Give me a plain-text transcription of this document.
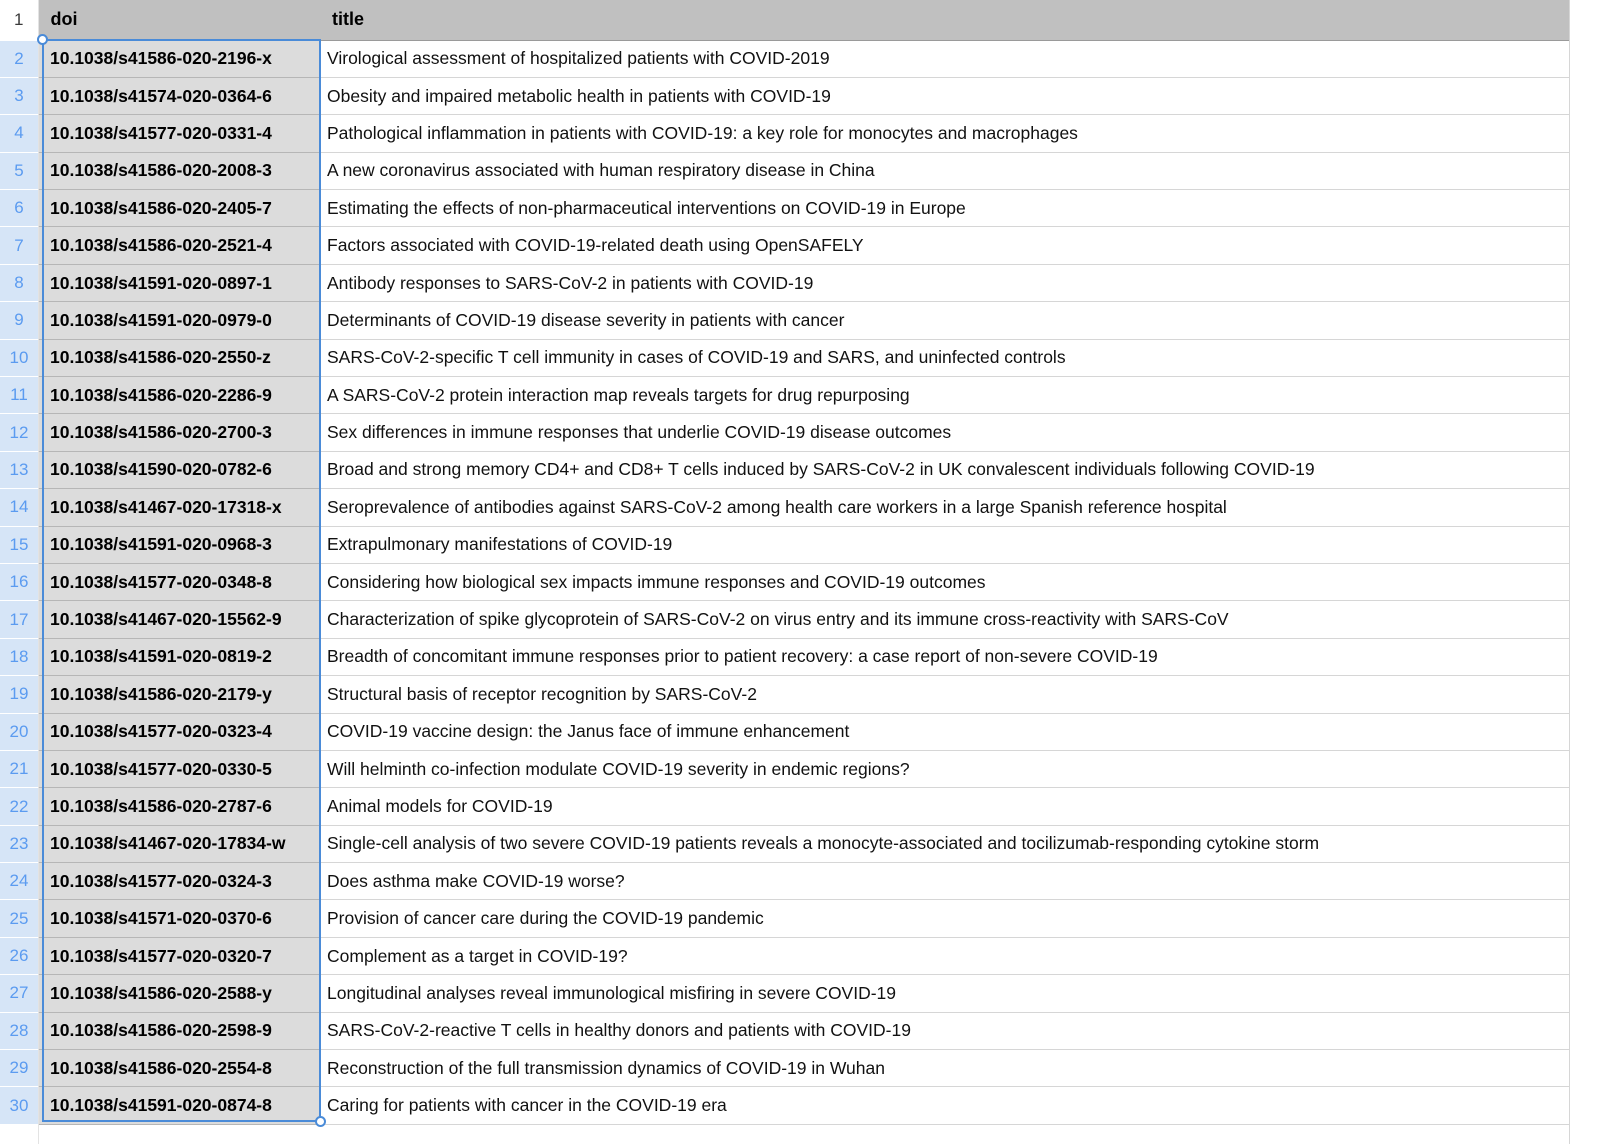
1	doi	title
2	10.1038/s41586-020-2196-x	Virological assessment of hospitalized patients with COVID-2019
3	10.1038/s41574-020-0364-6	Obesity and impaired metabolic health in patients with COVID-19
4	10.1038/s41577-020-0331-4	Pathological inflammation in patients with COVID-19: a key role for monocytes and macrophages
5	10.1038/s41586-020-2008-3	A new coronavirus associated with human respiratory disease in China
6	10.1038/s41586-020-2405-7	Estimating the effects of non-pharmaceutical interventions on COVID-19 in Europe
7	10.1038/s41586-020-2521-4	Factors associated with COVID-19-related death using OpenSAFELY
8	10.1038/s41591-020-0897-1	Antibody responses to SARS-CoV-2 in patients with COVID-19
9	10.1038/s41591-020-0979-0	Determinants of COVID-19 disease severity in patients with cancer
10	10.1038/s41586-020-2550-z	SARS-CoV-2-specific T cell immunity in cases of COVID-19 and SARS, and uninfected controls
11	10.1038/s41586-020-2286-9	A SARS-CoV-2 protein interaction map reveals targets for drug repurposing
12	10.1038/s41586-020-2700-3	Sex differences in immune responses that underlie COVID-19 disease outcomes
13	10.1038/s41590-020-0782-6	Broad and strong memory CD4+ and CD8+ T cells induced by SARS-CoV-2 in UK convalescent individuals following COVID-19
14	10.1038/s41467-020-17318-x	Seroprevalence of antibodies against SARS-CoV-2 among health care workers in a large Spanish reference hospital
15	10.1038/s41591-020-0968-3	Extrapulmonary manifestations of COVID-19
16	10.1038/s41577-020-0348-8	Considering how biological sex impacts immune responses and COVID-19 outcomes
17	10.1038/s41467-020-15562-9	Characterization of spike glycoprotein of SARS-CoV-2 on virus entry and its immune cross-reactivity with SARS-CoV
18	10.1038/s41591-020-0819-2	Breadth of concomitant immune responses prior to patient recovery: a case report of non-severe COVID-19
19	10.1038/s41586-020-2179-y	Structural basis of receptor recognition by SARS-CoV-2
20	10.1038/s41577-020-0323-4	COVID-19 vaccine design: the Janus face of immune enhancement
21	10.1038/s41577-020-0330-5	Will helminth co-infection modulate COVID-19 severity in endemic regions?
22	10.1038/s41586-020-2787-6	Animal models for COVID-19
23	10.1038/s41467-020-17834-w	Single-cell analysis of two severe COVID-19 patients reveals a monocyte-associated and tocilizumab-responding cytokine storm
24	10.1038/s41577-020-0324-3	Does asthma make COVID-19 worse?
25	10.1038/s41571-020-0370-6	Provision of cancer care during the COVID-19 pandemic
26	10.1038/s41577-020-0320-7	Complement as a target in COVID-19?
27	10.1038/s41586-020-2588-y	Longitudinal analyses reveal immunological misfiring in severe COVID-19
28	10.1038/s41586-020-2598-9	SARS-CoV-2-reactive T cells in healthy donors and patients with COVID-19
29	10.1038/s41586-020-2554-8	Reconstruction of the full transmission dynamics of COVID-19 in Wuhan
30	10.1038/s41591-020-0874-8	Caring for patients with cancer in the COVID-19 era
